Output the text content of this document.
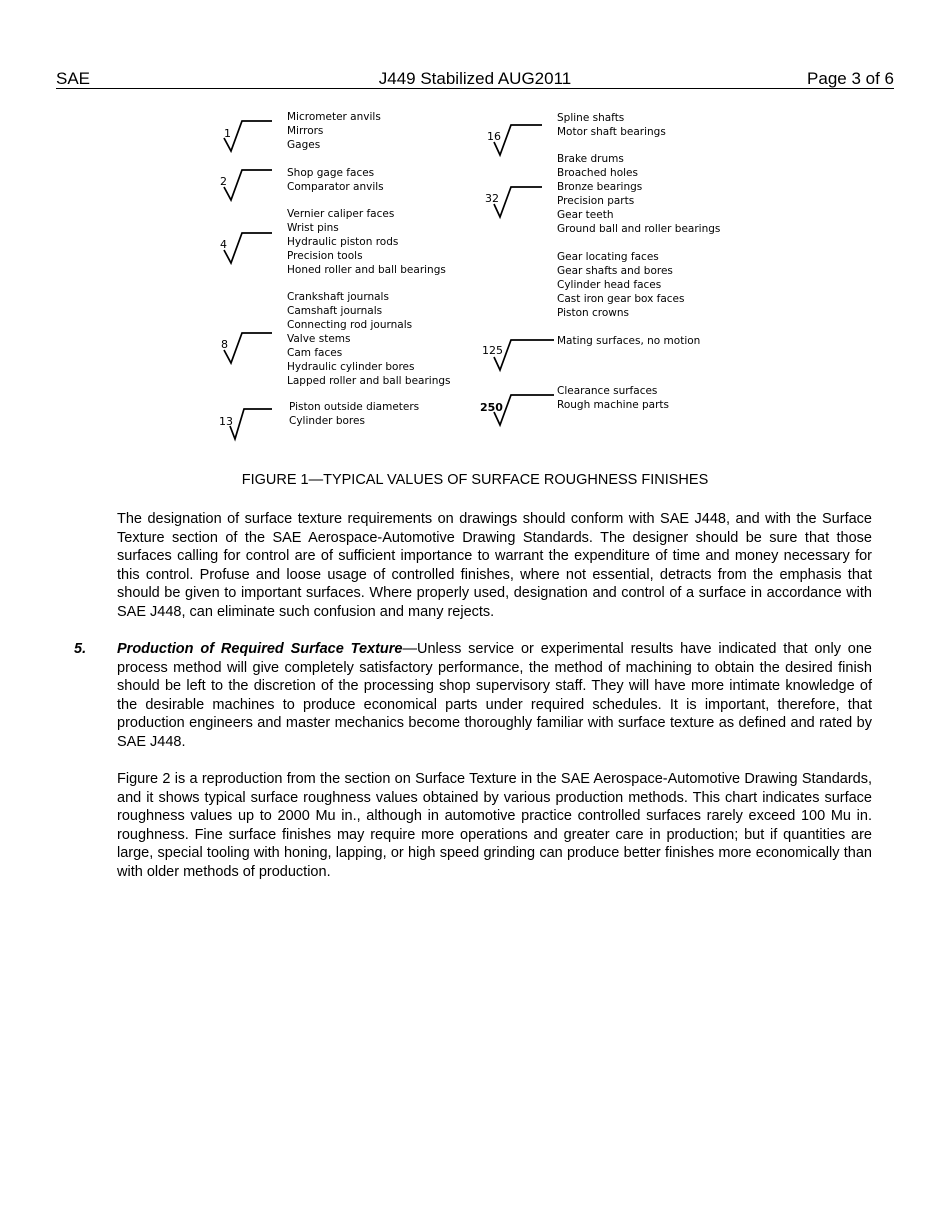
SAE	J449 Stabilized AUG2011	Page 3 of 6
1
Micrometer anvils
Mirrors
Gages
2
Shop gage faces
Comparator anvils
4
Vernier caliper faces
Wrist pins
Hydraulic piston rods
Precision tools
Honed roller and ball bearings
8
Crankshaft journals
Camshaft journals
Connecting rod journals
Valve stems
Cam faces
Hydraulic cylinder bores
Lapped roller and ball bearings
13
Piston outside diameters
Cylinder bores
16
Spline shafts
Motor shaft bearings
32
Brake drums
Broached holes
Bronze bearings
Precision parts
Gear teeth
Ground ball and roller bearings
Gear locating faces
Gear shafts and bores
Cylinder head faces
Cast iron gear box faces
Piston crowns
125
Mating surfaces, no motion
250
Clearance surfaces
Rough machine parts
FIGURE 1—TYPICAL VALUES OF SURFACE ROUGHNESS FINISHES

The designation of surface texture requirements on drawings should conform with SAE J448, and with the Surface Texture section of the SAE Aerospace-Automotive Drawing Standards. The designer should be sure that those surfaces calling for control are of sufficient importance to warrant the expenditure of time and money necessary for this control. Profuse and loose usage of controlled finishes, where not essential, detracts from the emphasis that should be given to important surfaces. Where properly used, designation and control of a surface in accordance with SAE J448, can eliminate such confusion and many rejects.

5. Production of Required Surface Texture—Unless service or experimental results have indicated that only one process method will give completely satisfactory performance, the method of machining to obtain the desired finish should be left to the discretion of the processing shop supervisory staff. They will have more intimate knowledge of the desirable machines to produce economical parts under required schedules. It is important, therefore, that production engineers and master mechanics become thoroughly familiar with surface texture as defined and rated by SAE J448.

Figure 2 is a reproduction from the section on Surface Texture in the SAE Aerospace-Automotive Drawing Standards, and it shows typical surface roughness values obtained by various production methods. This chart indicates surface roughness values up to 2000 Mu in., although in automotive practice controlled surfaces rarely exceed 100 Mu in. roughness. Fine surface finishes may require more operations and greater care in production; but if quantities are large, special tooling with honing, lapping, or high speed grinding can produce better finishes more economically than with older methods of production.
